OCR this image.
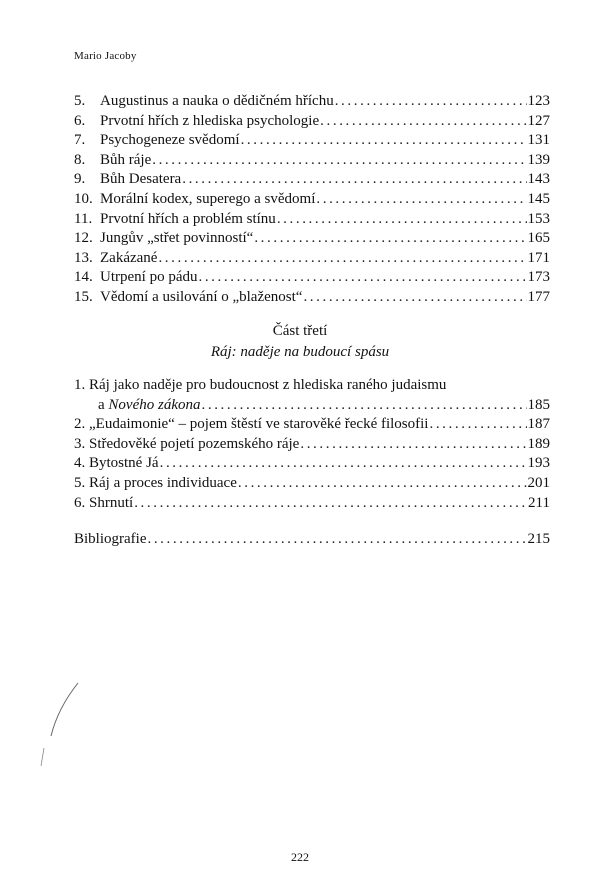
Mario Jacoby
5. Augustinus a nauka o dědičném hříchu .....	123
6. Prvotní hřích z hlediska psychologie .....	127
7. Psychogeneze svědomí .....	131
8. Bůh ráje .....	139
9. Bůh Desatera .....	143
10. Morální kodex, superego a svědomí .....	145
11. Prvotní hřích a problém stínu .....	153
12. Jungův „střet povinností“ .....	165
13. Zakázané .....	171
14. Utrpení po pádu .....	173
15. Vědomí a usilování o „blaženost“ .....	177
Část třetí
Ráj: naděje na budoucí spásu
1. Ráj jako naděje pro budoucnost z hlediska raného judaismu
a Nového zákona .....	185
2. „Eudaimonie“ – pojem štěstí ve starověké řecké filosofii .....	187
3. Středověké pojetí pozemského ráje .....	189
4. Bytostné Já .....	193
5. Ráj a proces individuace .....	201
6. Shrnutí .....	211
Bibliografie .....	215
222
